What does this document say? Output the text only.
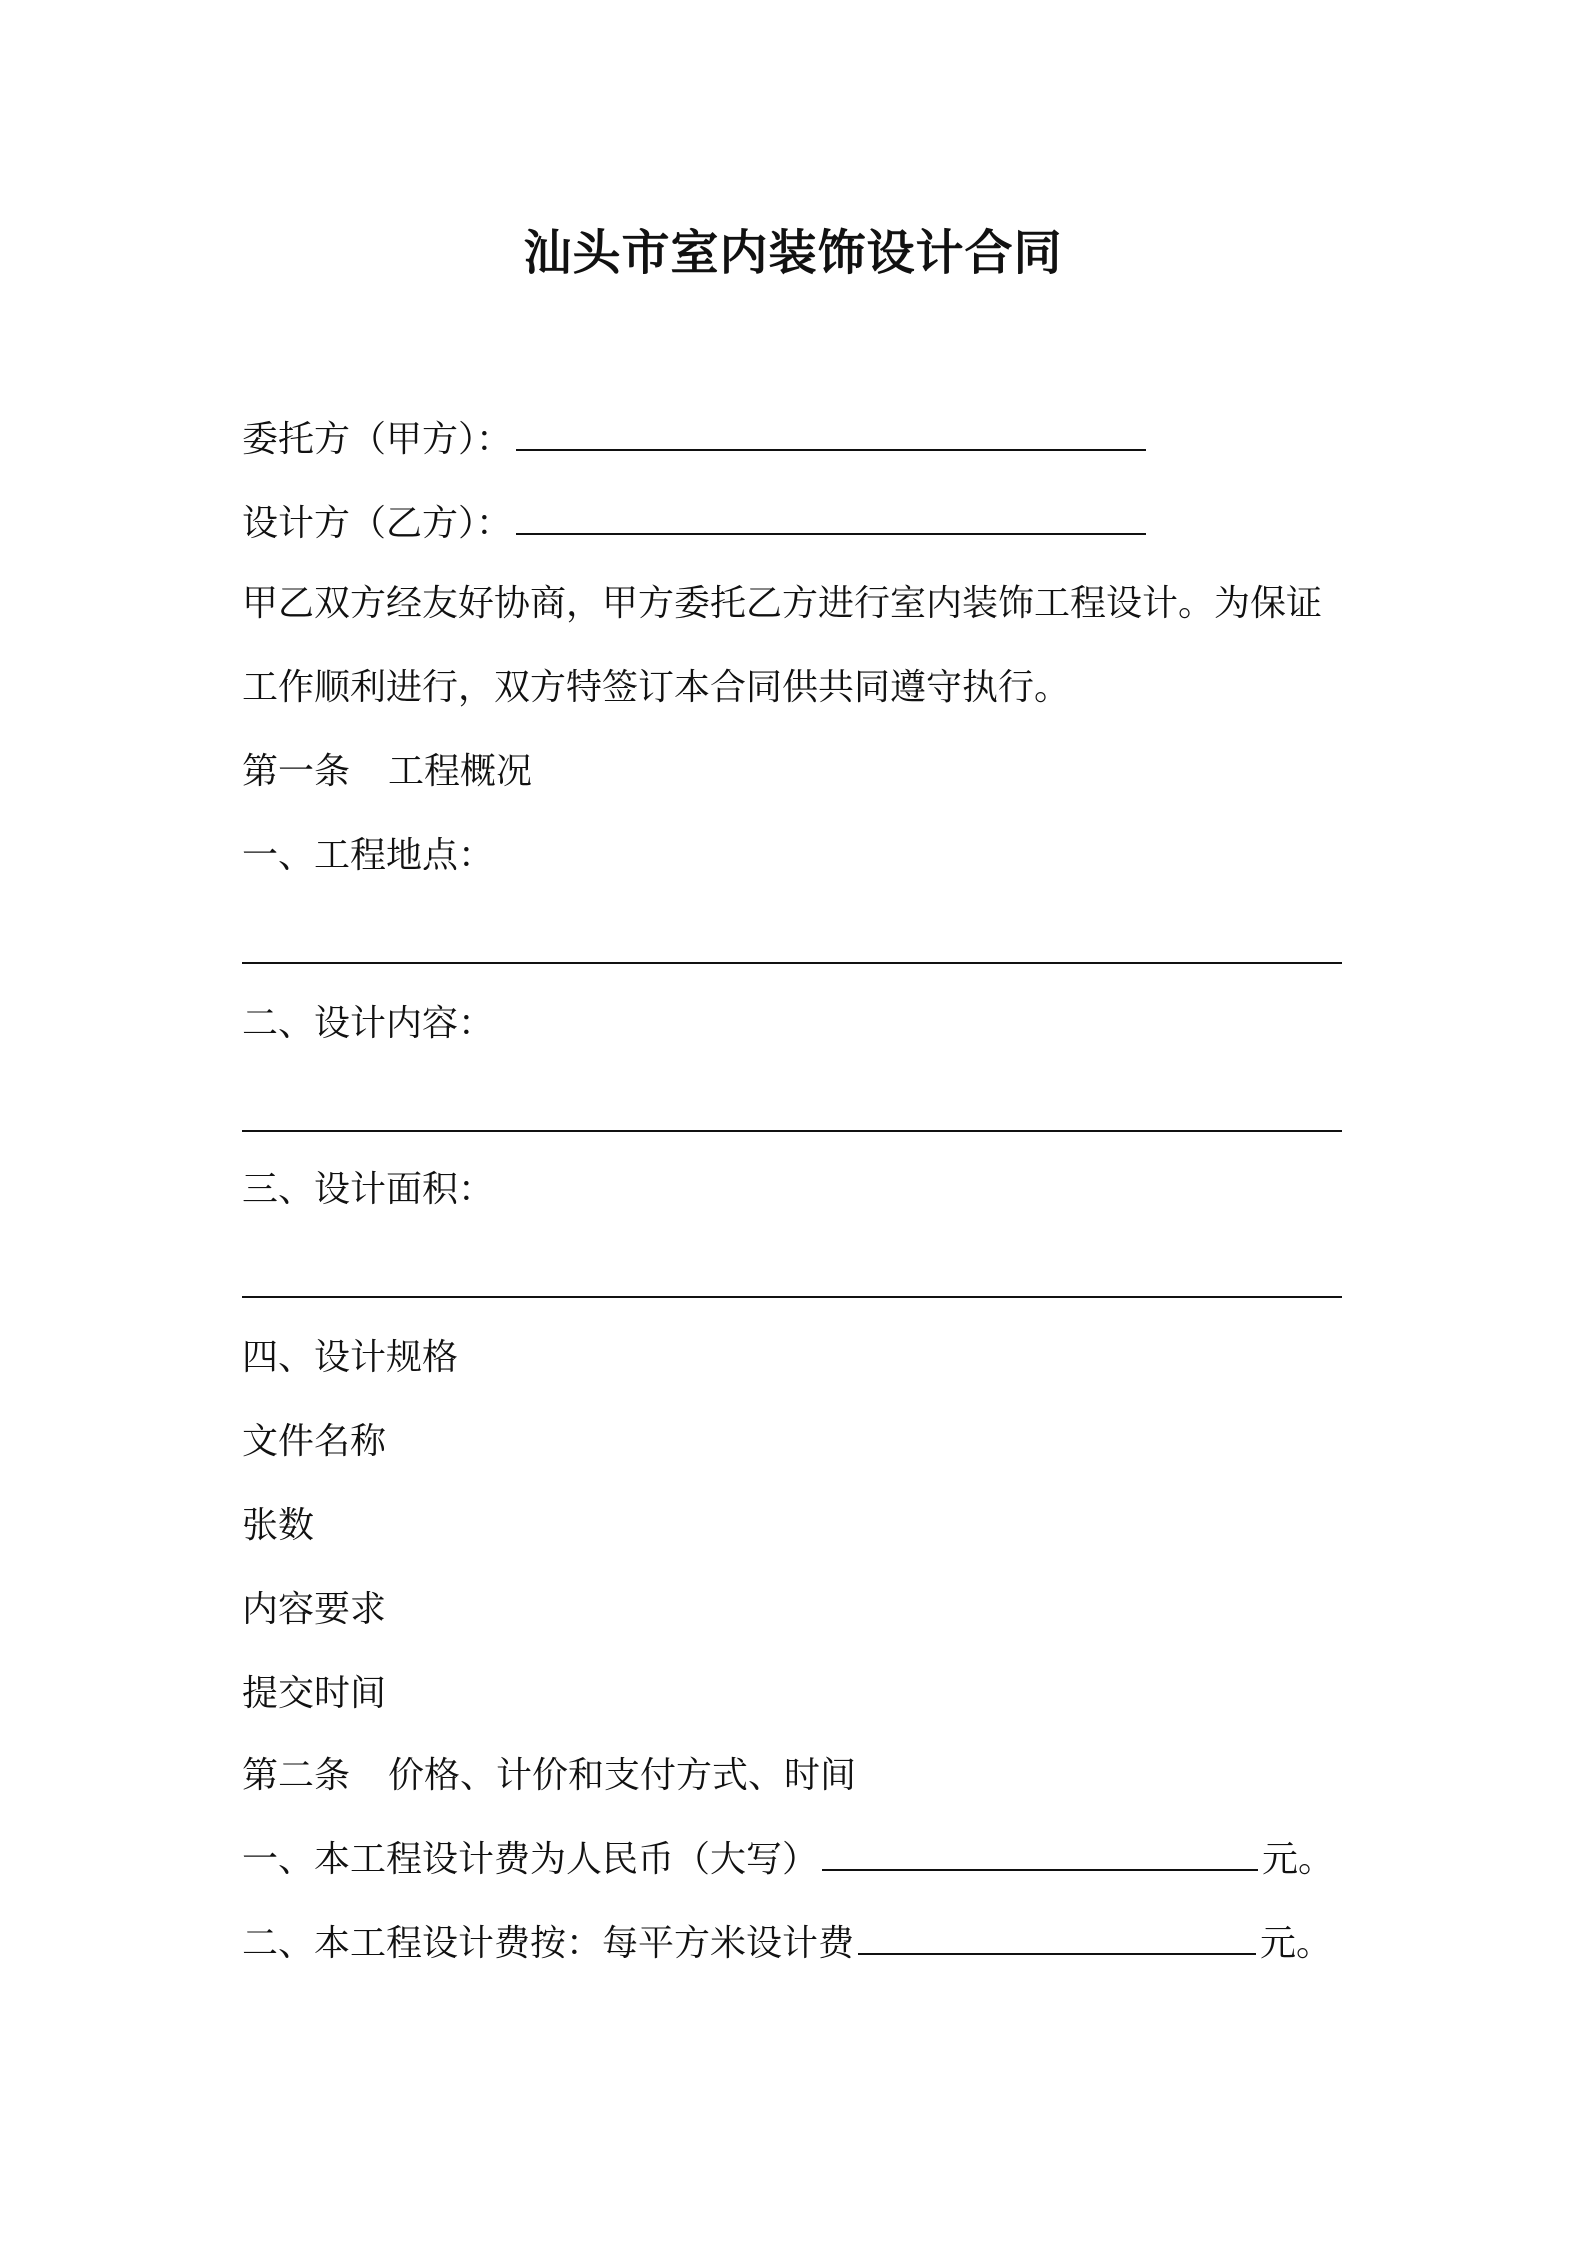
汕头市室内装饰设计合同
委托方（甲方）：
设计方（乙方）：
甲乙双方经友好协商，甲方委托乙方进行室内装饰工程设计。为保证
工作顺利进行，双方特签订本合同供共同遵守执行。
第一条 工程概况
一、工程地点：
二、设计内容：
三、设计面积：
四、设计规格
文件名称
张数
内容要求
提交时间
第二条 价格、计价和支付方式、时间
一、本工程设计费为人民币（大写）	元。
二、本工程设计费按：每平方米设计费	元。
